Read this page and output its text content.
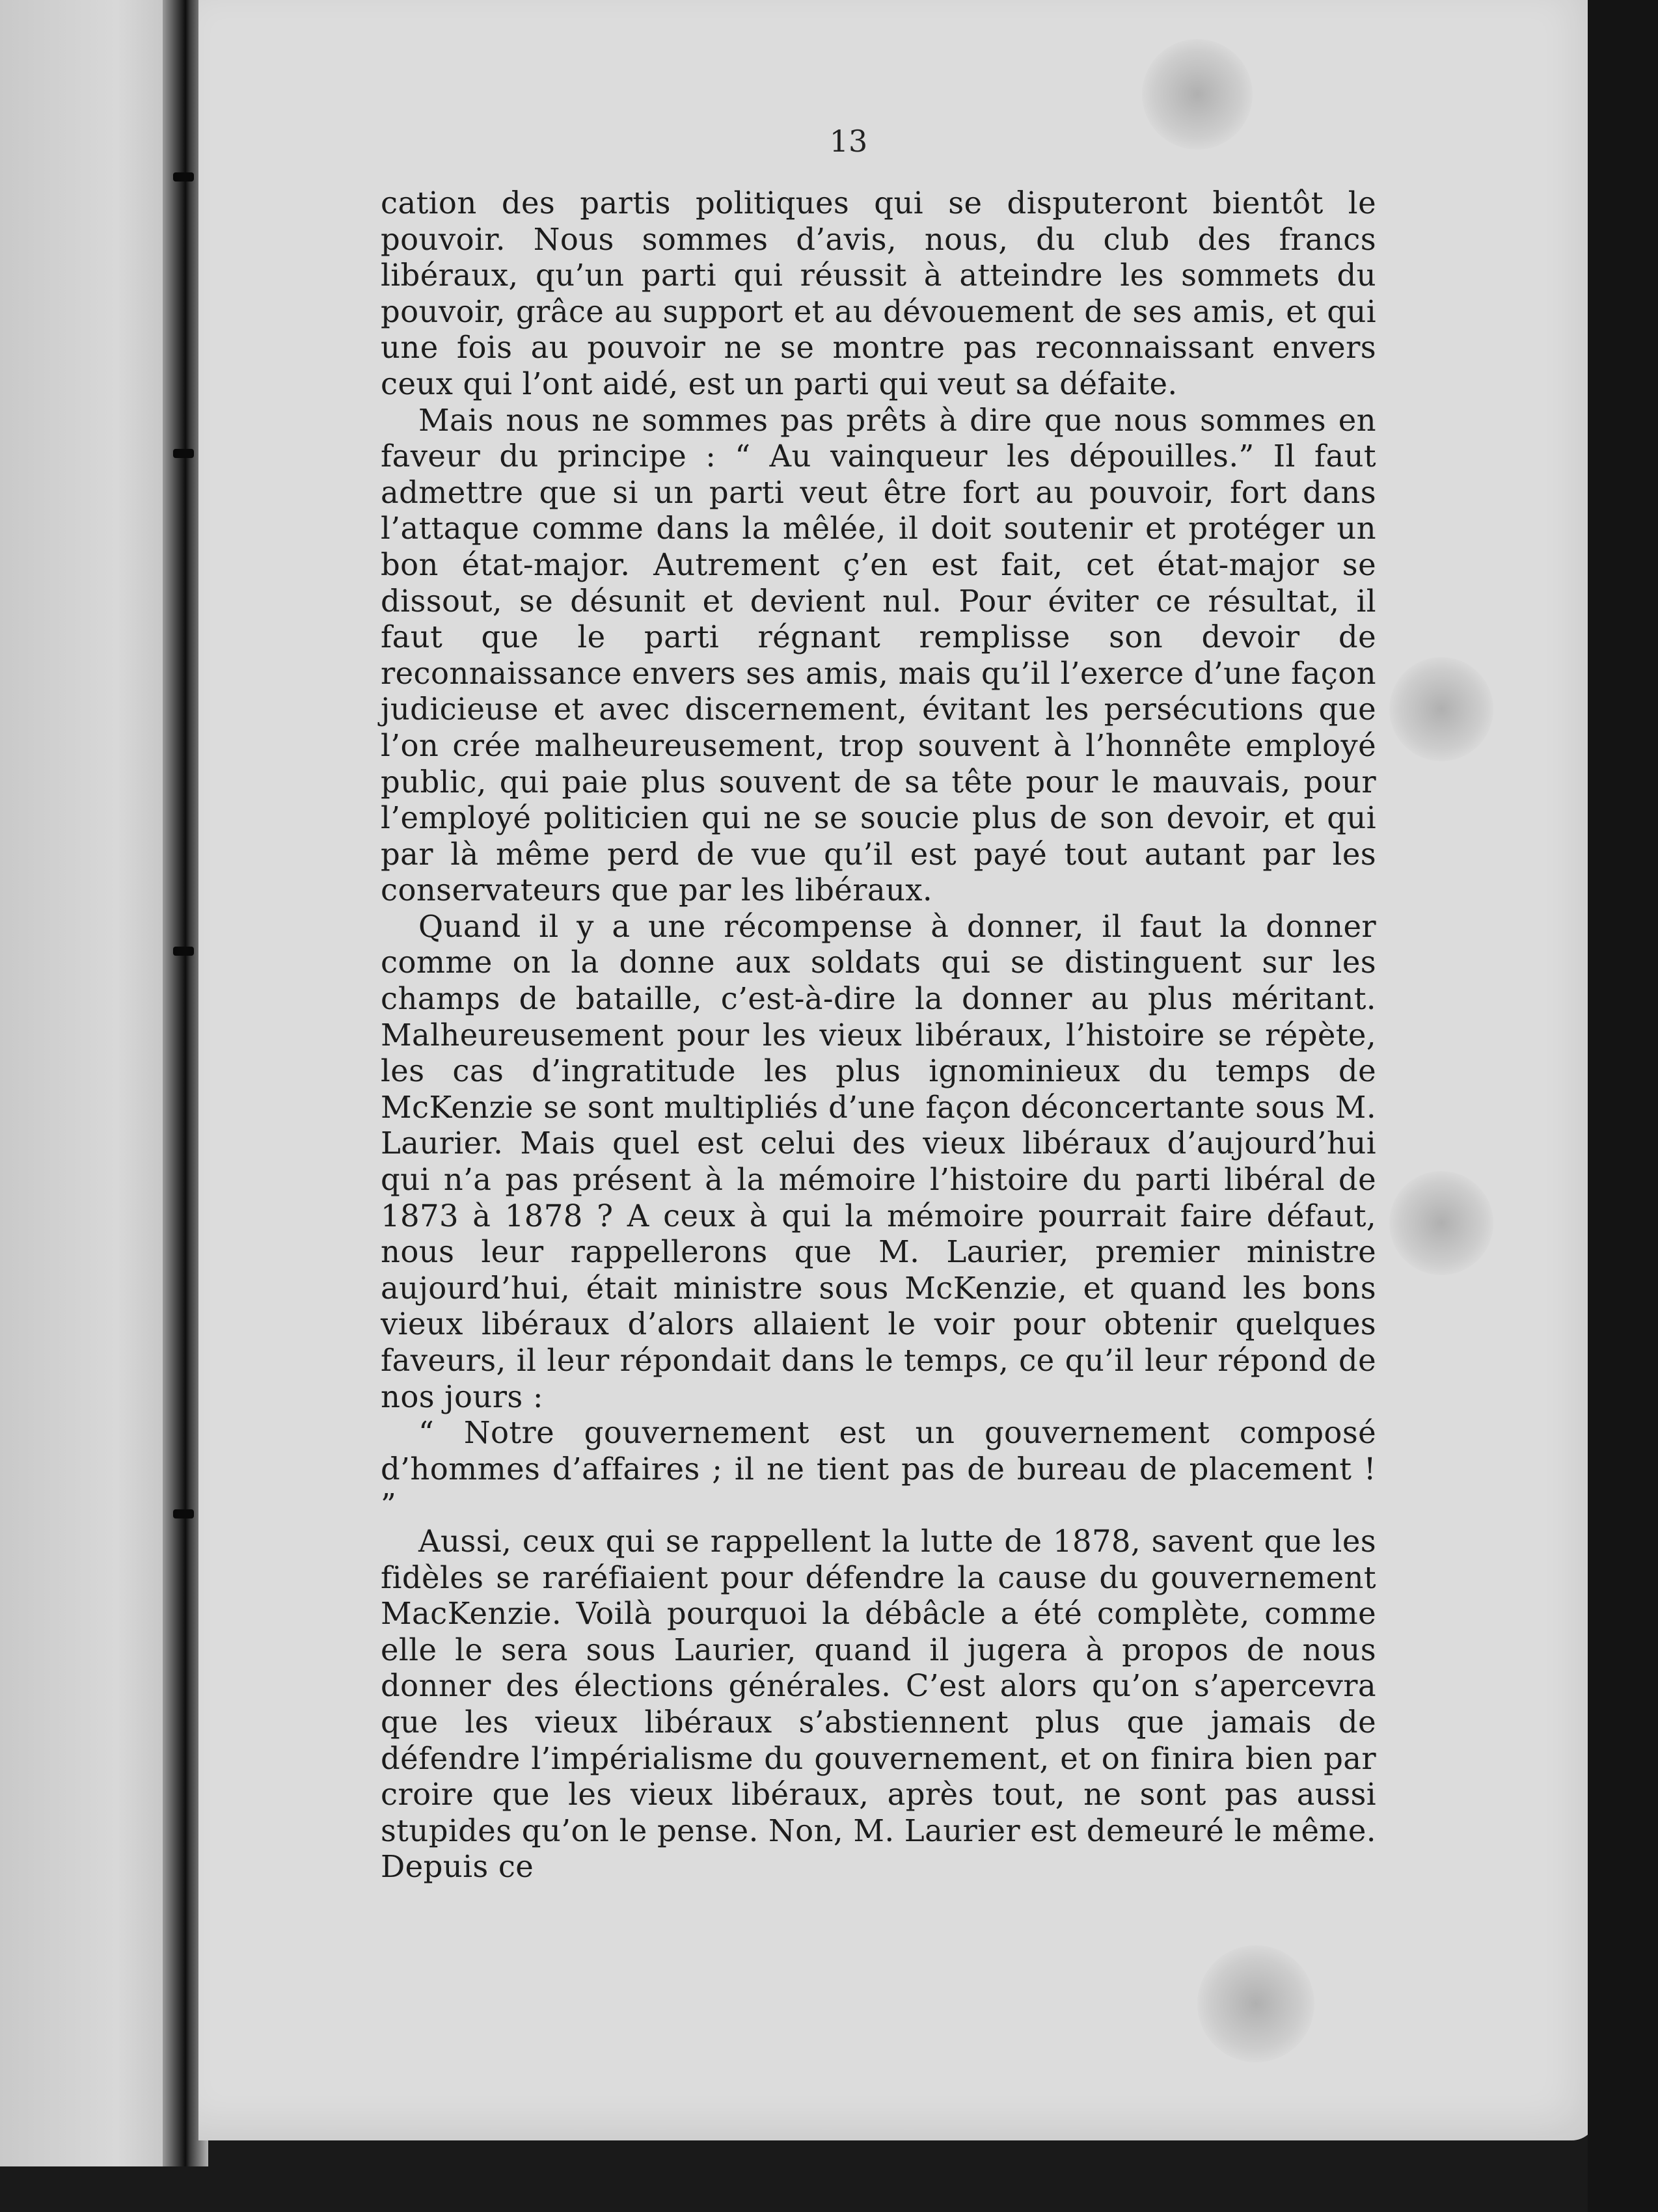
13

cation des partis politiques qui se disputeront bientôt le pouvoir. Nous sommes d’avis, nous, du club des francs libéraux, qu’un parti qui réussit à atteindre les sommets du pouvoir, grâce au support et au dévouement de ses amis, et qui une fois au pouvoir ne se montre pas reconnaissant envers ceux qui l’ont aidé, est un parti qui veut sa défaite.

Mais nous ne sommes pas prêts à dire que nous sommes en faveur du principe : “ Au vainqueur les dépouilles.” Il faut admettre que si un parti veut être fort au pouvoir, fort dans l’attaque comme dans la mêlée, il doit soutenir et protéger un bon état-major. Autrement ç’en est fait, cet état-major se dissout, se désunit et devient nul. Pour éviter ce résultat, il faut que le parti régnant remplisse son devoir de reconnaissance envers ses amis, mais qu’il l’exerce d’une façon judicieuse et avec discernement, évitant les persécutions que l’on crée malheureusement, trop souvent à l’honnête employé public, qui paie plus souvent de sa tête pour le mauvais, pour l’employé politicien qui ne se soucie plus de son devoir, et qui par là même perd de vue qu’il est payé tout autant par les conservateurs que par les libéraux.

Quand il y a une récompense à donner, il faut la donner comme on la donne aux soldats qui se distinguent sur les champs de bataille, c’est-à-dire la donner au plus méritant. Malheureusement pour les vieux libéraux, l’histoire se répète, les cas d’ingratitude les plus ignominieux du temps de McKenzie se sont multipliés d’une façon déconcertante sous M. Laurier. Mais quel est celui des vieux libéraux d’aujourd’hui qui n’a pas présent à la mémoire l’histoire du parti libéral de 1873 à 1878 ? A ceux à qui la mémoire pourrait faire défaut, nous leur rappellerons que M. Laurier, premier ministre aujourd’hui, était ministre sous McKenzie, et quand les bons vieux libéraux d’alors allaient le voir pour obtenir quelques faveurs, il leur répondait dans le temps, ce qu’il leur répond de nos jours :

“ Notre gouvernement est un gouvernement composé d’hommes d’affaires ; il ne tient pas de bureau de placement ! ”

Aussi, ceux qui se rappellent la lutte de 1878, savent que les fidèles se raréfiaient pour défendre la cause du gouvernement MacKenzie. Voilà pourquoi la débâcle a été complète, comme elle le sera sous Laurier, quand il jugera à propos de nous donner des élections générales. C’est alors qu’on s’apercevra que les vieux libéraux s’abstiennent plus que jamais de défendre l’impérialisme du gouvernement, et on finira bien par croire que les vieux libéraux, après tout, ne sont pas aussi stupides qu’on le pense. Non, M. Laurier est demeuré le même. Depuis ce
